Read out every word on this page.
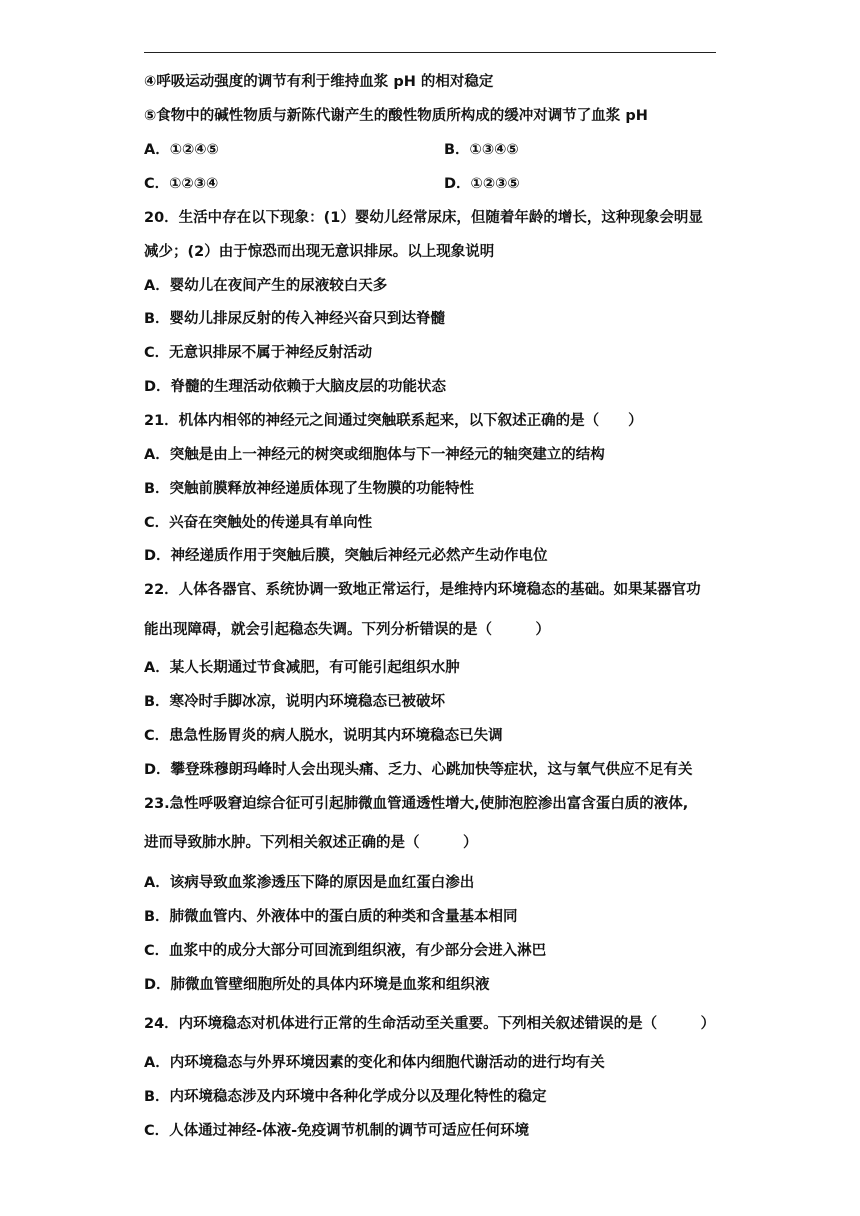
④呼吸运动强度的调节有利于维持血浆 pH 的相对稳定
⑤食物中的碱性物质与新陈代谢产生的酸性物质所构成的缓冲对调节了血浆 pH
A．①②④⑤	B．①③④⑤
C．①②③④	D．①②③⑤
20．生活中存在以下现象：(1）婴幼儿经常尿床，但随着年龄的增长，这种现象会明显
减少；(2）由于惊恐而出现无意识排尿。以上现象说明
A．婴幼儿在夜间产生的尿液较白天多
B．婴幼儿排尿反射的传入神经兴奋只到达脊髓
C．无意识排尿不属于神经反射活动
D．脊髓的生理活动依赖于大脑皮层的功能状态
21．机体内相邻的神经元之间通过突触联系起来，以下叙述正确的是（　　）
A．突触是由上一神经元的树突或细胞体与下一神经元的轴突建立的结构
B．突触前膜释放神经递质体现了生物膜的功能特性
C．兴奋在突触处的传递具有单向性
D．神经递质作用于突触后膜，突触后神经元必然产生动作电位
22．人体各器官、系统协调一致地正常运行，是维持内环境稳态的基础。如果某器官功
能出现障碍，就会引起稳态失调。下列分析错误的是（　　　）
A．某人长期通过节食减肥，有可能引起组织水肿
B．寒冷时手脚冰凉，说明内环境稳态已被破坏
C．患急性肠胃炎的病人脱水，说明其内环境稳态已失调
D．攀登珠穆朗玛峰时人会出现头痛、乏力、心跳加快等症状，这与氧气供应不足有关
23.急性呼吸窘迫综合征可引起肺微血管通透性增大,使肺泡腔渗出富含蛋白质的液体,
进而导致肺水肿。下列相关叙述正确的是（　　　）
A．该病导致血浆渗透压下降的原因是血红蛋白渗出
B．肺微血管内、外液体中的蛋白质的种类和含量基本相同
C．血浆中的成分大部分可回流到组织液，有少部分会进入淋巴
D．肺微血管壁细胞所处的具体内环境是血浆和组织液
24．内环境稳态对机体进行正常的生命活动至关重要。下列相关叙述错误的是（　　　）
A．内环境稳态与外界环境因素的变化和体内细胞代谢活动的进行均有关
B．内环境稳态涉及内环境中各种化学成分以及理化特性的稳定
C．人体通过神经-体液-免疫调节机制的调节可适应任何环境
